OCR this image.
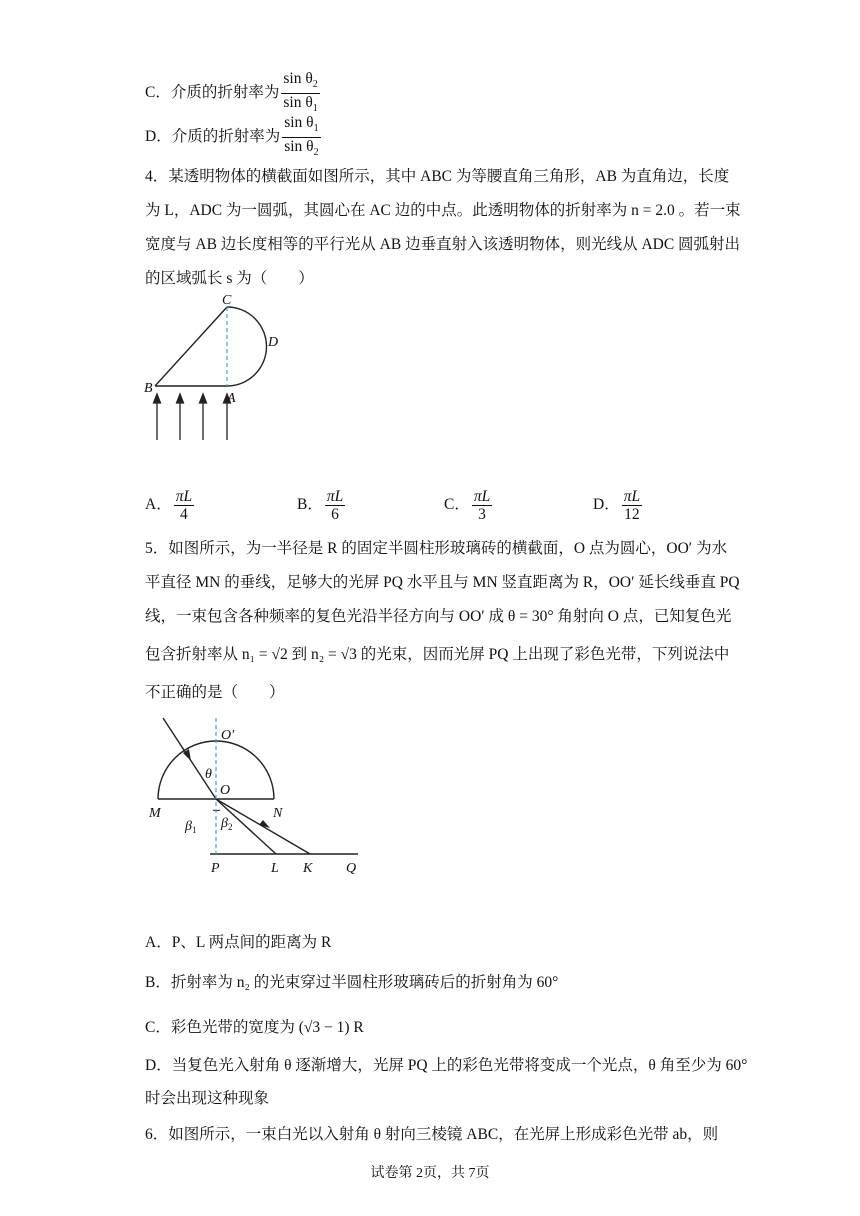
C．介质的折射率为 $\frac{\sin \theta_2}{\sin \theta_1}$
D．介质的折射率为 $\frac{\sin \theta_1}{\sin \theta_2}$
4．某透明物体的横截面如图所示，其中 ABC 为等腰直角三角形，AB 为直角边，长度
为 L，ADC 为一圆弧，其圆心在 AC 边的中点。此透明物体的折射率为 n = 2.0 。若一束
宽度与 AB 边长度相等的平行光从 AB 边垂直射入该透明物体，则光线从 ADC 圆弧射出
的区域弧长 s 为（　　）
C
D
B
A
A． $\frac{\pi L}{4}$	B． $\frac{\pi L}{6}$	C． $\frac{\pi L}{3}$	D． $\frac{\pi L}{12}$
5．如图所示，为一半径是 R 的固定半圆柱形玻璃砖的横截面，O 点为圆心，OO′ 为水
平直径 MN 的垂线，足够大的光屏 PQ 水平且与 MN 竖直距离为 R，OO′ 延长线垂直 PQ
线，一束包含各种频率的复色光沿半径方向与 OO′ 成 θ = 30° 角射向 O 点，已知复色光
包含折射率从 n₁ = √2 到 n₂ = √3 的光束，因而光屏 PQ 上出现了彩色光带，下列说法中
不正确的是（　　）
O′
θ
M
O
N
$\beta_1$ $\beta_2$
P	L K Q
A．P、L 两点间的距离为 R
B．折射率为 n₂ 的光束穿过半圆柱形玻璃砖后的折射角为 60°
C．彩色光带的宽度为 (√3 − 1) R
D．当复色光入射角 θ 逐渐增大，光屏 PQ 上的彩色光带将变成一个光点，θ 角至少为 60°
时会出现这种现象
6．如图所示，一束白光以入射角 θ 射向三棱镜 ABC，在光屏上形成彩色光带 ab，则
试卷第 2页，共 7页
